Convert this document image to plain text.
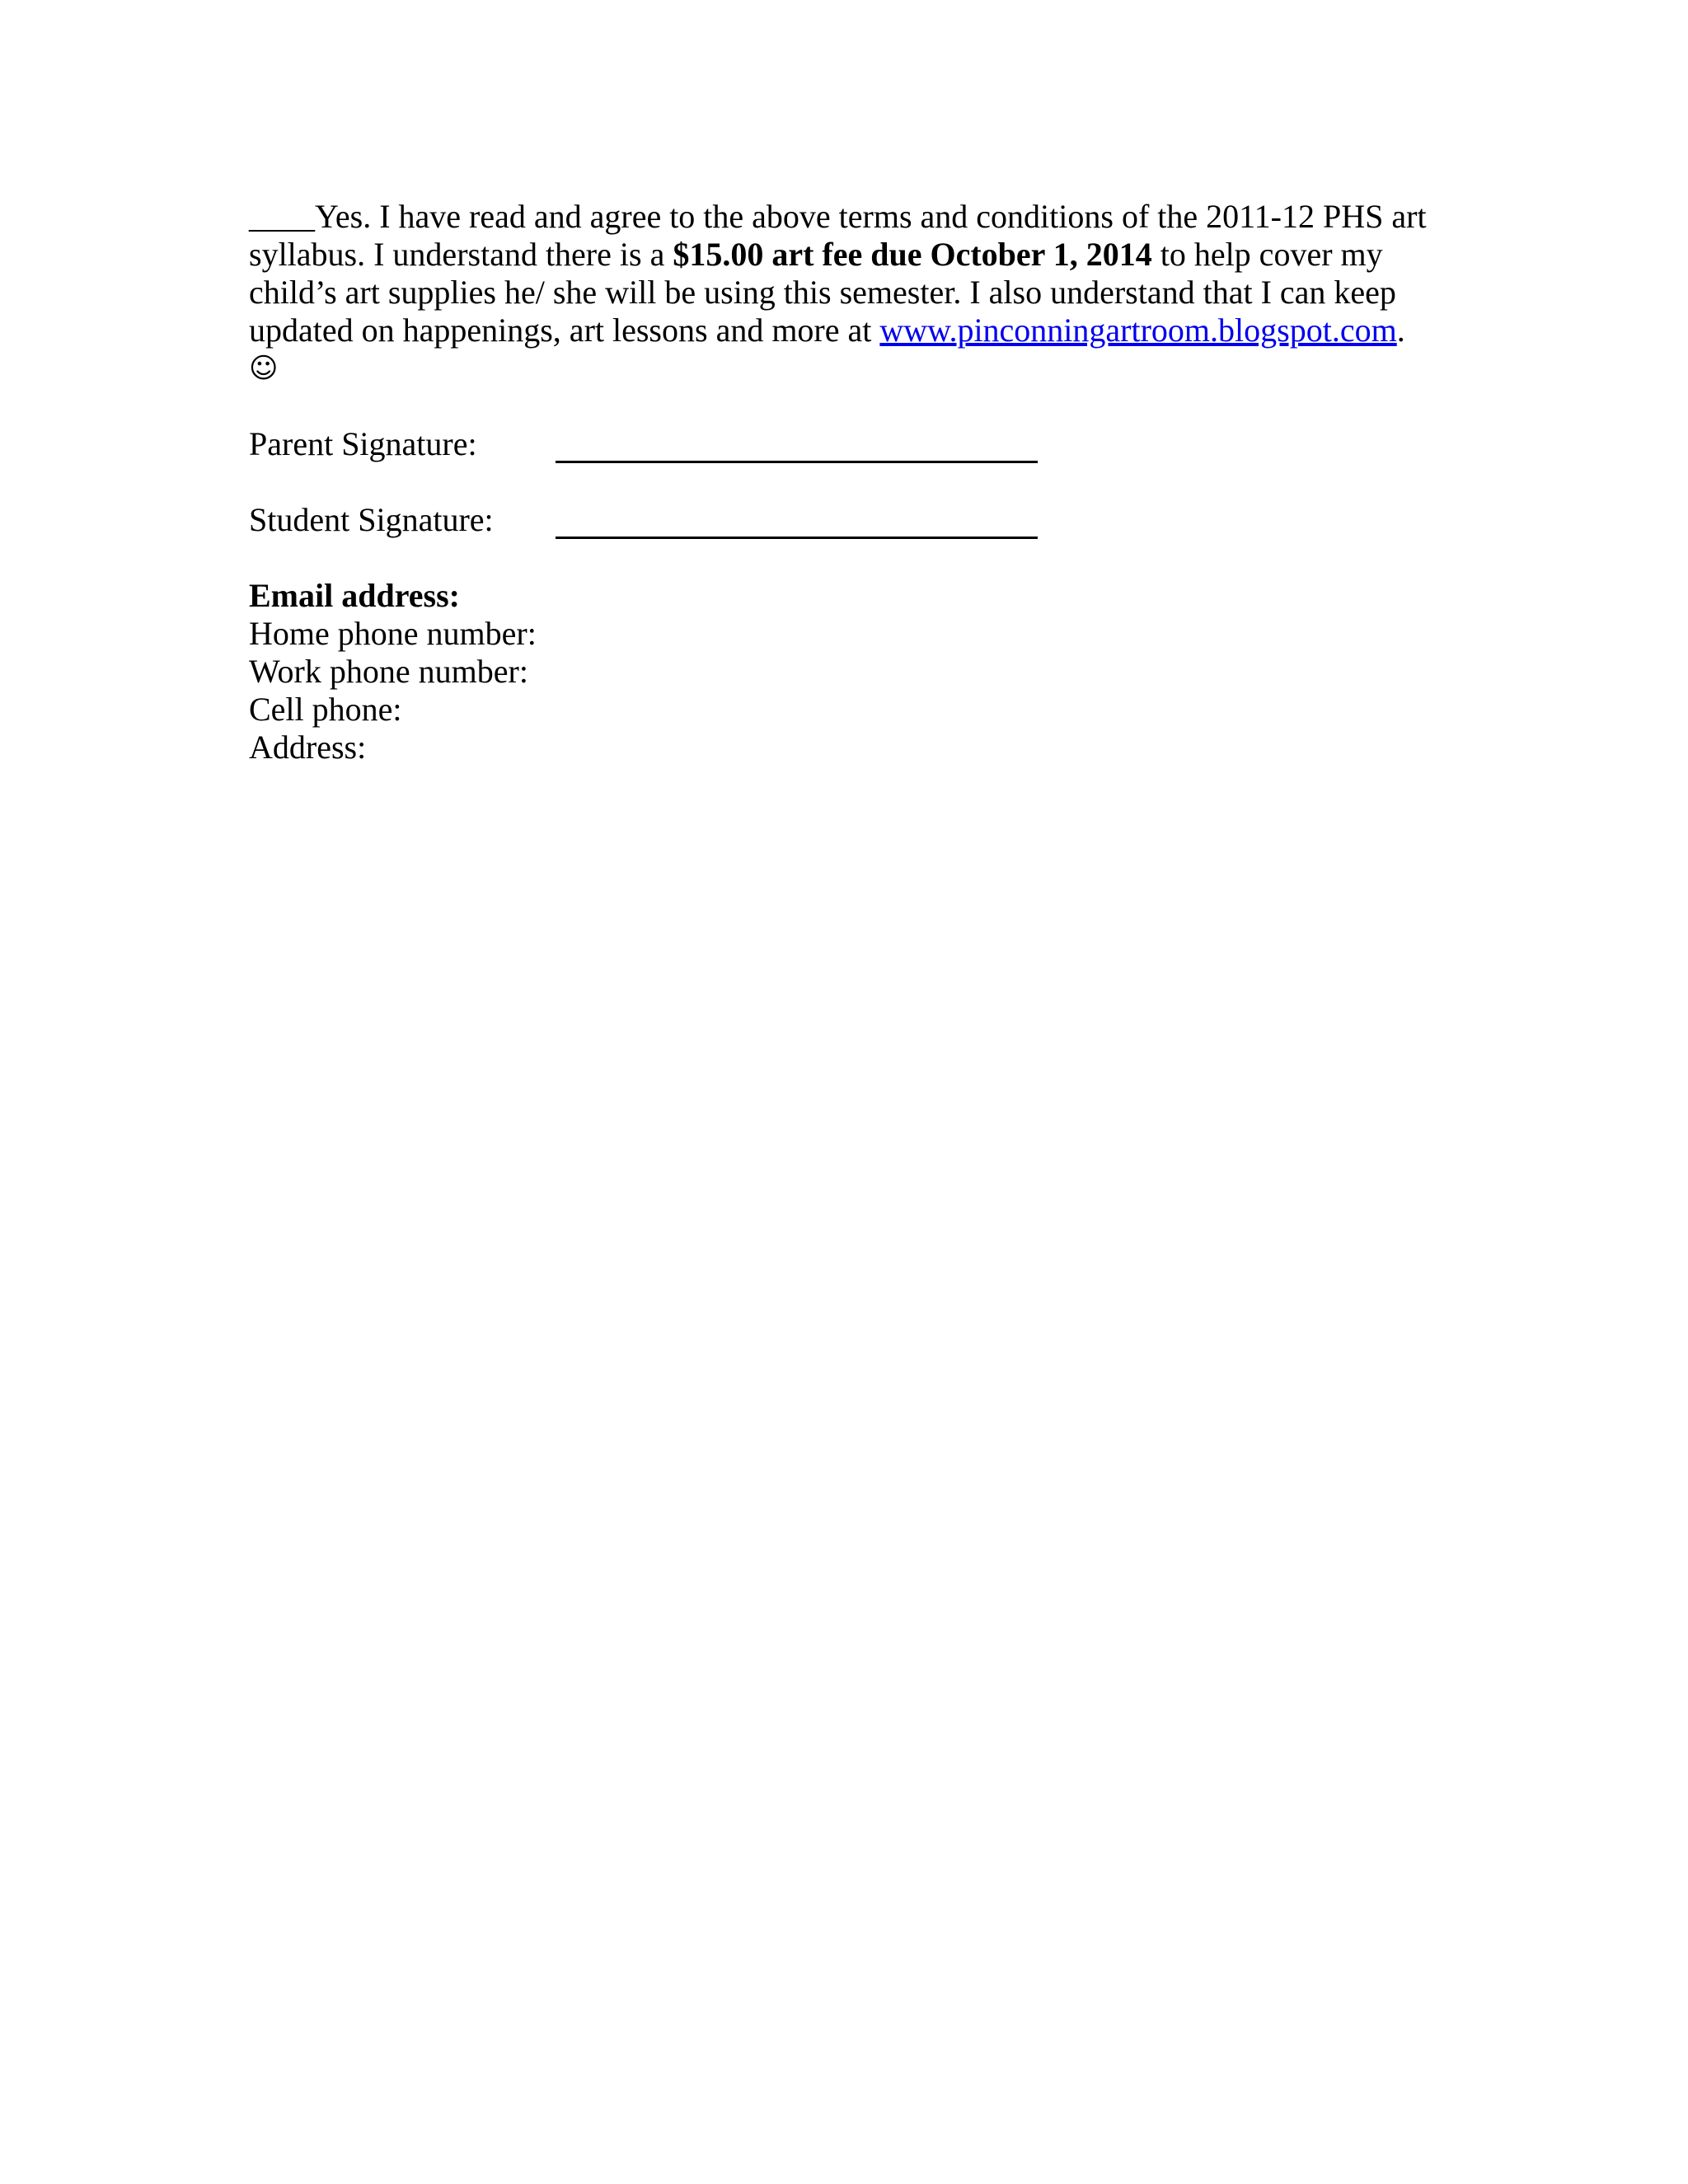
____Yes. I have read and agree to the above terms and conditions of the 2011-12 PHS art syllabus. I understand there is a $15.00 art fee due October 1, 2014 to help cover my child’s art supplies he/ she will be using this semester. I also understand that I can keep updated on happenings, art lessons and more at www.pinconningartroom.blogspot.com.
☺

Parent Signature:
Student Signature:
Email address:
Home phone number:
Work phone number:
Cell phone:
Address:
